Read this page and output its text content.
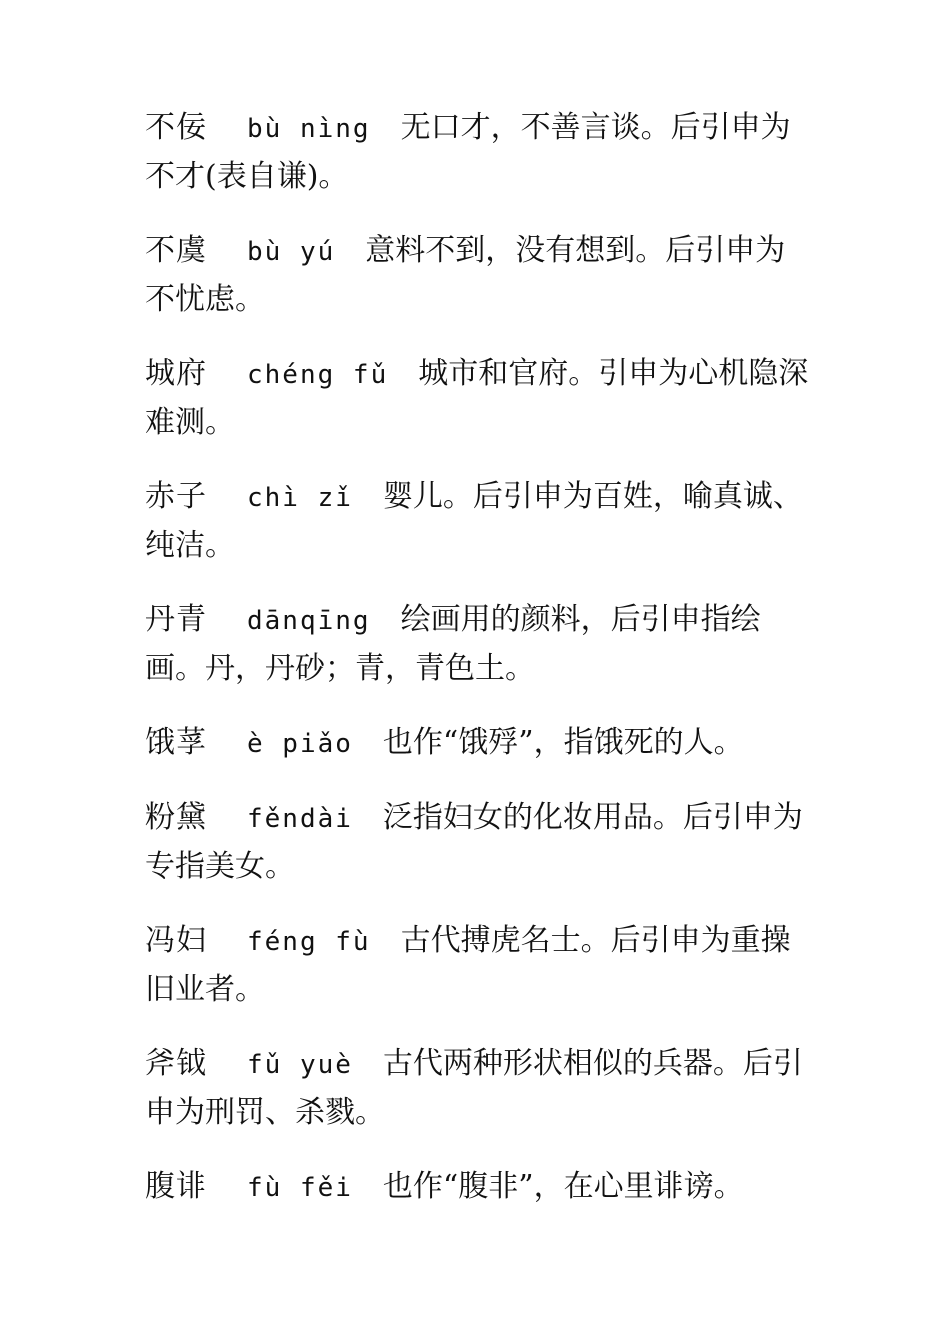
不佞 bù nìng 无口才，不善言谈。后引申为不才(表自谦)。

不虞 bù yú 意料不到，没有想到。后引申为不忧虑。

城府 chéng fǔ 城市和官府。引申为心机隐深难测。

赤子 chì zǐ 婴儿。后引申为百姓，喻真诚、纯洁。

丹青 dānqīng 绘画用的颜料，后引申指绘画。丹，丹砂；青，青色土。

饿莩 è piǎo 也作“饿殍”，指饿死的人。

粉黛 fěndài 泛指妇女的化妆用品。后引申为专指美女。

冯妇 féng fù 古代搏虎名士。后引申为重操旧业者。

斧钺 fǔ yuè 古代两种形状相似的兵器。后引申为刑罚、杀戮。

腹诽 fù fěi 也作“腹非”，在心里诽谤。
